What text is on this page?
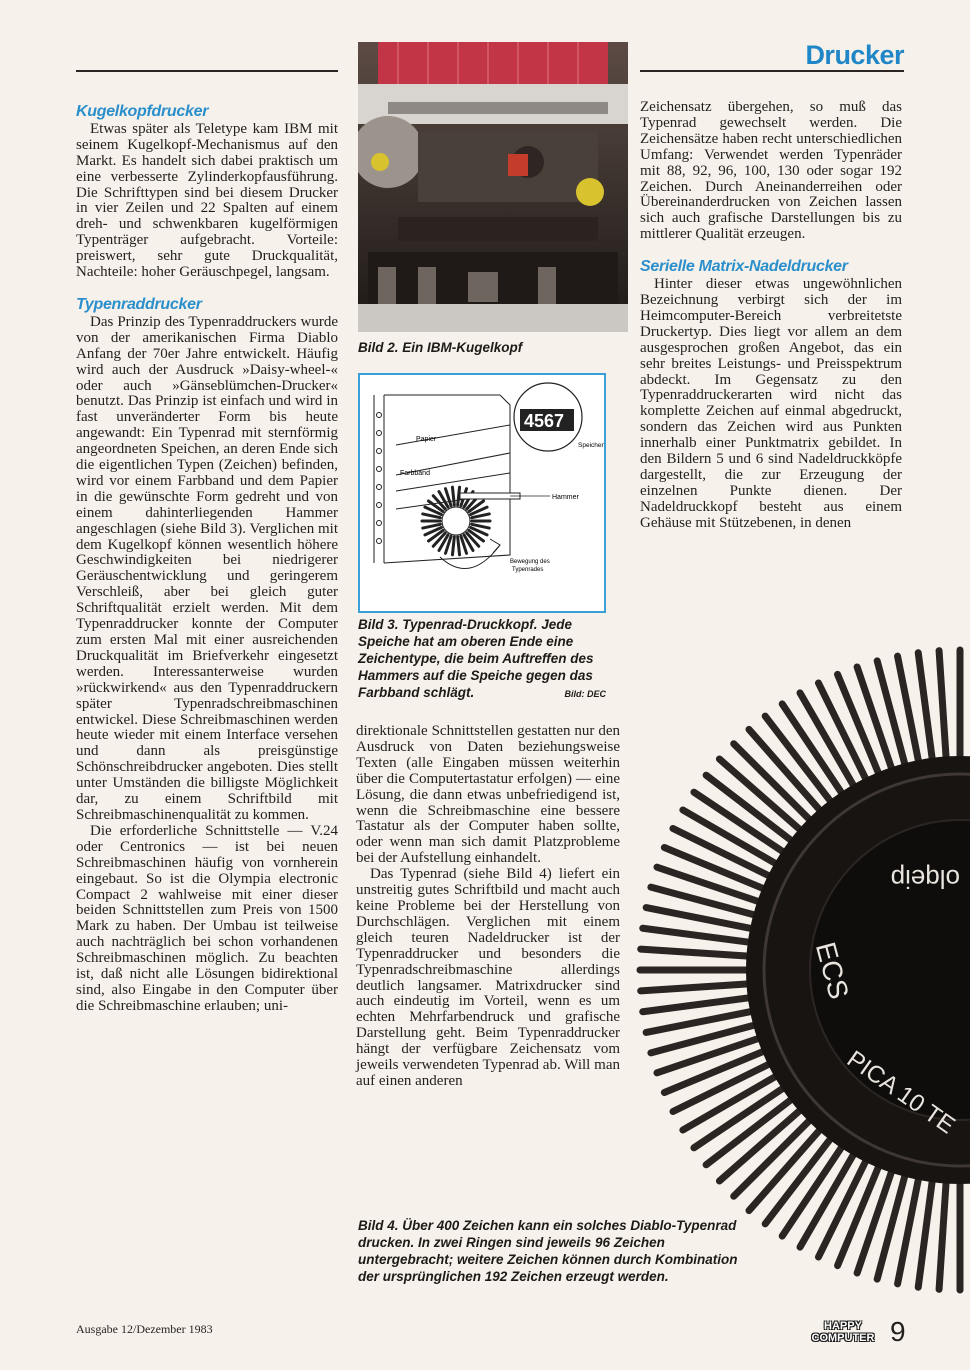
Drucker
Kugelkopfdrucker

Etwas später als Teletype kam IBM mit seinem Kugelkopf-Mechanismus auf den Markt. Es handelt sich dabei praktisch um eine verbesserte Zylinderkopfausführung. Die Schrifttypen sind bei diesem Drucker in vier Zeilen und 22 Spalten auf einem dreh- und schwenkbaren kugelförmigen Typenträger aufgebracht. Vorteile: preiswert, sehr gute Druckqualität, Nachteile: hoher Geräuschpegel, langsam.

Typenraddrucker

Das Prinzip des Typenraddruckers wurde von der amerikanischen Firma Diablo Anfang der 70er Jahre entwickelt. Häufig wird auch der Ausdruck »Daisy-wheel-« oder auch »Gänseblümchen-Drucker« benutzt. Das Prinzip ist einfach und wird in fast unveränderter Form bis heute angewandt: Ein Typenrad mit sternförmig angeordneten Speichen, an deren Ende sich die eigentlichen Typen (Zeichen) befinden, wird vor einem Farbband und dem Papier in die gewünschte Form gedreht und von einem dahinterliegenden Hammer angeschlagen (siehe Bild 3). Verglichen mit dem Kugelkopf können wesentlich höhere Geschwindigkeiten bei niedrigerer Geräuschentwicklung und geringerem Verschleiß, aber bei gleich guter Schriftqualität erzielt werden. Mit dem Typenraddrucker konnte der Computer zum ersten Mal mit einer ausreichenden Druckqualität im Briefverkehr eingesetzt werden. Interessanterweise wurden »rückwirkend« aus den Typenraddruckern später Typenradschreibmaschinen entwickel. Diese Schreibmaschinen werden heute wieder mit einem Interface versehen und dann als preisgünstige Schönschreibdrucker angeboten. Dies stellt unter Umständen die billigste Möglichkeit dar, zu einem Schriftbild mit Schreibmaschinenqualität zu kommen.

Die erforderliche Schnittstelle — V.24 oder Centronics — ist bei neuen Schreibmaschinen häufig von vornherein eingebaut. So ist die Olympia electronic Compact 2 wahlweise mit einer dieser beiden Schnittstellen zum Preis von 1500 Mark zu haben. Der Umbau ist teilweise auch nachträglich bei schon vorhandenen Schreibmaschinen möglich. Zu beachten ist, daß nicht alle Lösungen bidirektional sind, also Eingabe in den Computer über die Schreibmaschine erlauben; uni-

Bild 2. Ein IBM-Kugelkopf
Papier
Farbband
Hammer
4567
Speichen
Bewegung des
Typenrades
Bild 3. Typenrad-Druckkopf. Jede Speiche hat am oberen Ende eine Zeichentype, die beim Auftreffen des Hammers auf die Speiche gegen das Farbband schlägt.	Bild: DEC

direktionale Schnittstellen gestatten nur den Ausdruck von Daten beziehungsweise Texten (alle Eingaben müssen weiterhin über die Computertastatur erfolgen) — eine Lösung, die dann etwas unbefriedigend ist, wenn die Schreibmaschine eine bessere Tastatur als der Computer haben sollte, oder wenn man sich damit Platzprobleme bei der Aufstellung einhandelt.

Das Typenrad (siehe Bild 4) liefert ein unstreitig gutes Schriftbild und macht auch keine Probleme bei der Herstellung von Durchschlägen. Verglichen mit einem gleich teuren Nadeldrucker ist der Typenraddrucker und besonders die Typenradschreibmaschine allerdings deutlich langsamer. Matrixdrucker sind auch eindeutig im Vorteil, wenn es um echten Mehrfarbendruck und grafische Darstellung geht. Beim Typenraddrucker hängt der verfügbare Zeichensatz vom jeweils verwendeten Typenrad ab. Will man auf einen anderen

Zeichensatz übergehen, so muß das Typenrad gewechselt werden. Die Zeichensätze haben recht unterschiedlichen Umfang: Verwendet werden Typenräder mit 88, 92, 96, 100, 130 oder sogar 192 Zeichen. Durch Aneinanderreihen oder Übereinanderdrucken von Zeichen lassen sich auch grafische Darstellungen bis zu mittlerer Qualität erzeugen.

Serielle Matrix-Nadeldrucker

Hinter dieser etwas ungewöhnlichen Bezeichnung verbirgt sich der im Heimcomputer-Bereich verbreitetste Druckertyp. Dies liegt vor allem an dem ausgesprochen großen Angebot, das ein sehr breites Leistungs- und Preisspektrum abdeckt. Im Gegensatz zu den Typenraddruckerarten wird nicht das komplette Zeichen auf einmal abgedruckt, sondern das Zeichen wird aus Punkten innerhalb einer Punktmatrix gebildet. In den Bildern 5 und 6 sind Nadeldruckköpfe dargestellt, die zur Erzeugung der einzelnen Punkte dienen. Der Nadeldruckkopf besteht aus einem Gehäuse mit Stützebenen, in denen

olqeip
ECS
PICA 10 TE
Bild 4. Über 400 Zeichen kann ein solches Diablo-Typenrad drucken. In zwei Ringen sind jeweils 96 Zeichen untergebracht; weitere Zeichen können durch Kombination der ursprünglichen 192 Zeichen erzeugt werden.
Ausgabe 12/Dezember 1983	HAPPY
COMPUTER 9
